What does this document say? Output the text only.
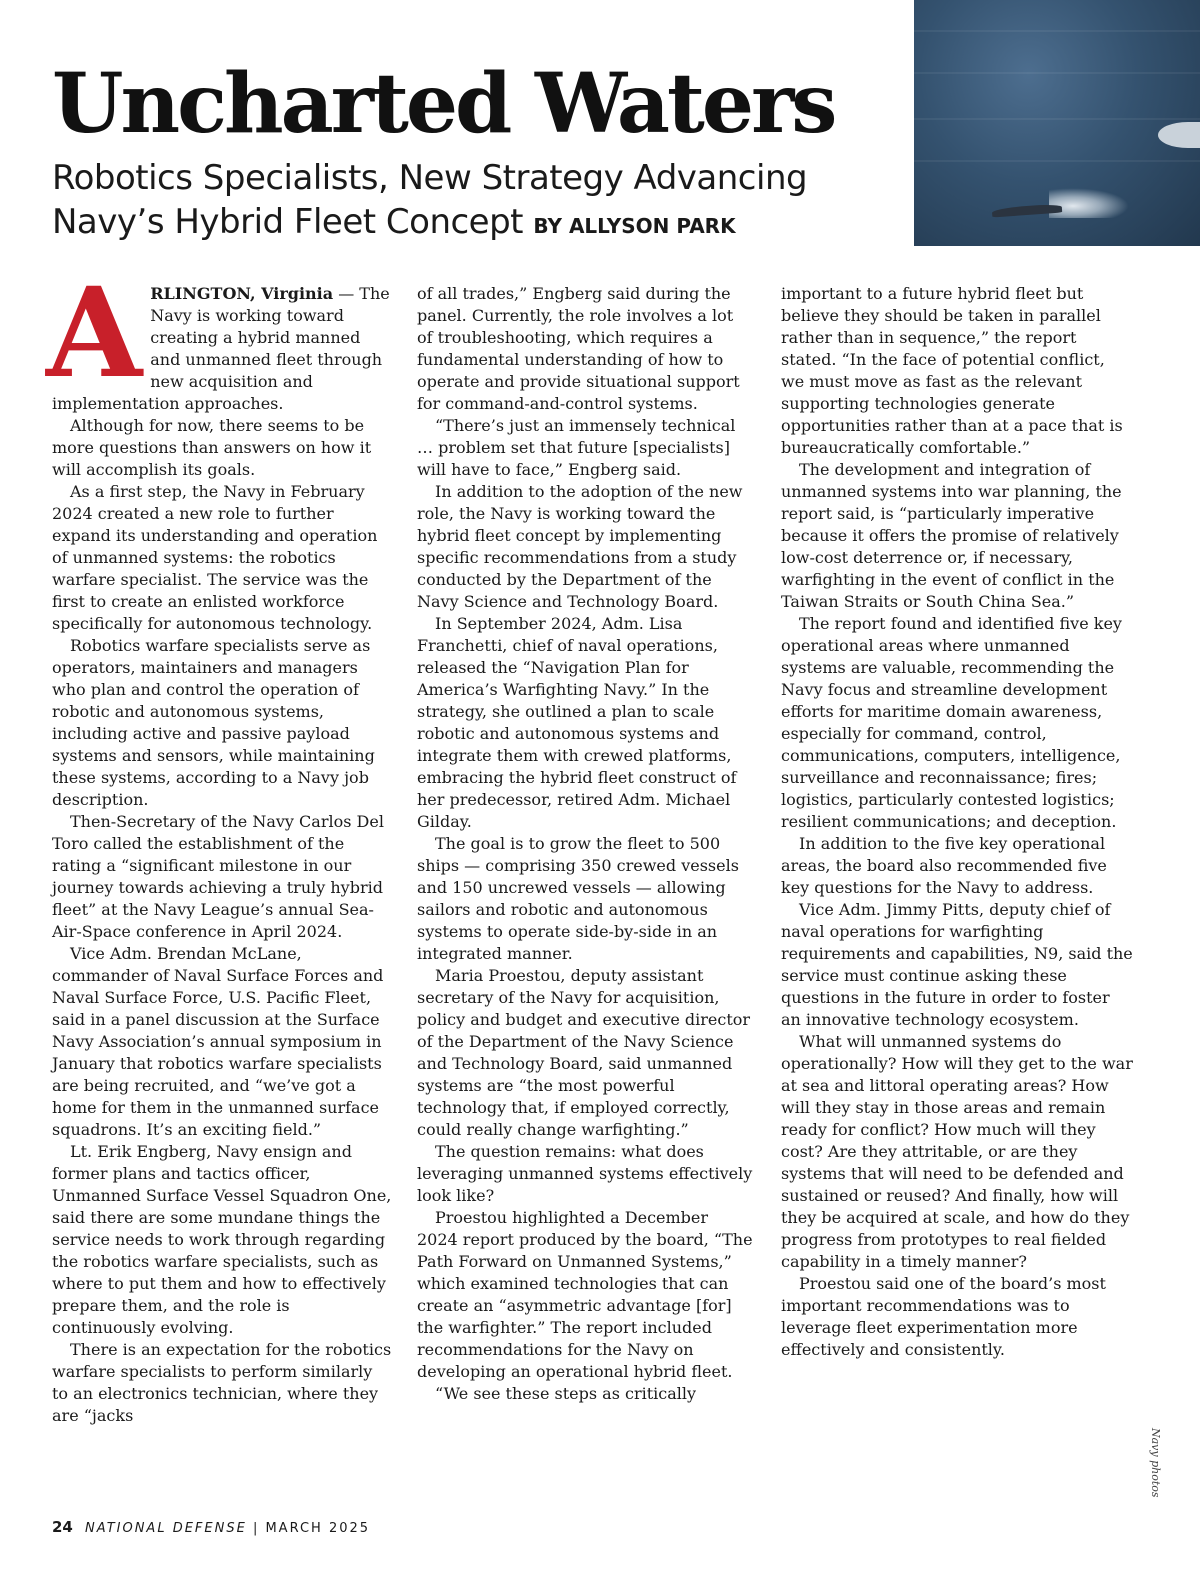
Uncharted Waters
Robotics Specialists, New Strategy Advancing Navy’s Hybrid Fleet Concept BY ALLYSON PARK
A RLINGTON, Virginia — The Navy is working toward creating a hybrid manned and unmanned fleet through new acquisition and implementation approaches.

Although for now, there seems to be more questions than answers on how it will accomplish its goals.

As a first step, the Navy in February 2024 created a new role to further expand its understanding and operation of unmanned systems: the robotics warfare specialist. The service was the first to create an enlisted workforce specifically for autonomous technology.

Robotics warfare specialists serve as operators, maintainers and managers who plan and control the operation of robotic and autonomous systems, including active and passive payload systems and sensors, while maintaining these systems, according to a Navy job description.

Then-Secretary of the Navy Carlos Del Toro called the establishment of the rating a “significant milestone in our journey towards achieving a truly hybrid fleet” at the Navy League’s annual Sea-Air-Space conference in April 2024.

Vice Adm. Brendan McLane, commander of Naval Surface Forces and Naval Surface Force, U.S. Pacific Fleet, said in a panel discussion at the Surface Navy Association’s annual symposium in January that robotics warfare specialists are being recruited, and “we’ve got a home for them in the unmanned surface squadrons. It’s an exciting field.”

Lt. Erik Engberg, Navy ensign and former plans and tactics officer, Unmanned Surface Vessel Squadron One, said there are some mundane things the service needs to work through regarding the robotics warfare specialists, such as where to put them and how to effectively prepare them, and the role is continuously evolving.

There is an expectation for the robotics warfare specialists to perform similarly to an electronics technician, where they are “jacks

of all trades,” Engberg said during the panel. Currently, the role involves a lot of troubleshooting, which requires a fundamental understanding of how to operate and provide situational support for command-and-control systems.

“There’s just an immensely technical … problem set that future [specialists] will have to face,” Engberg said.

In addition to the adoption of the new role, the Navy is working toward the hybrid fleet concept by implementing specific recommendations from a study conducted by the Department of the Navy Science and Technology Board.

In September 2024, Adm. Lisa Franchetti, chief of naval operations, released the “Navigation Plan for America’s Warfighting Navy.” In the strategy, she outlined a plan to scale robotic and autonomous systems and integrate them with crewed platforms, embracing the hybrid fleet construct of her predecessor, retired Adm. Michael Gilday.

The goal is to grow the fleet to 500 ships — comprising 350 crewed vessels and 150 uncrewed vessels — allowing sailors and robotic and autonomous systems to operate side-by-side in an integrated manner.

Maria Proestou, deputy assistant secretary of the Navy for acquisition, policy and budget and executive director of the Department of the Navy Science and Technology Board, said unmanned systems are “the most powerful technology that, if employed correctly, could really change warfighting.”

The question remains: what does leveraging unmanned systems effectively look like?

Proestou highlighted a December 2024 report produced by the board, “The Path Forward on Unmanned Systems,” which examined technologies that can create an “asymmetric advantage [for] the warfighter.” The report included recommendations for the Navy on developing an operational hybrid fleet.

“We see these steps as critically

important to a future hybrid fleet but believe they should be taken in parallel rather than in sequence,” the report stated. “In the face of potential conflict, we must move as fast as the relevant supporting technologies generate opportunities rather than at a pace that is bureaucratically comfortable.”

The development and integration of unmanned systems into war planning, the report said, is “particularly imperative because it offers the promise of relatively low-cost deterrence or, if necessary, warfighting in the event of conflict in the Taiwan Straits or South China Sea.”

The report found and identified five key operational areas where unmanned systems are valuable, recommending the Navy focus and streamline development efforts for maritime domain awareness, especially for command, control, communications, computers, intelligence, surveillance and reconnaissance; fires; logistics, particularly contested logistics; resilient communications; and deception.

In addition to the five key operational areas, the board also recommended five key questions for the Navy to address.

Vice Adm. Jimmy Pitts, deputy chief of naval operations for warfighting requirements and capabilities, N9, said the service must continue asking these questions in the future in order to foster an innovative technology ecosystem.

What will unmanned systems do operationally? How will they get to the war at sea and littoral operating areas? How will they stay in those areas and remain ready for conflict? How much will they cost? Are they attritable, or are they systems that will need to be defended and sustained or reused? And finally, how will they be acquired at scale, and how do they progress from prototypes to real fielded capability in a timely manner?

Proestou said one of the board’s most important recommendations was to leverage fleet experimentation more effectively and consistently.

Navy photos
24 NATIONAL DEFENSE | MARCH 2025
